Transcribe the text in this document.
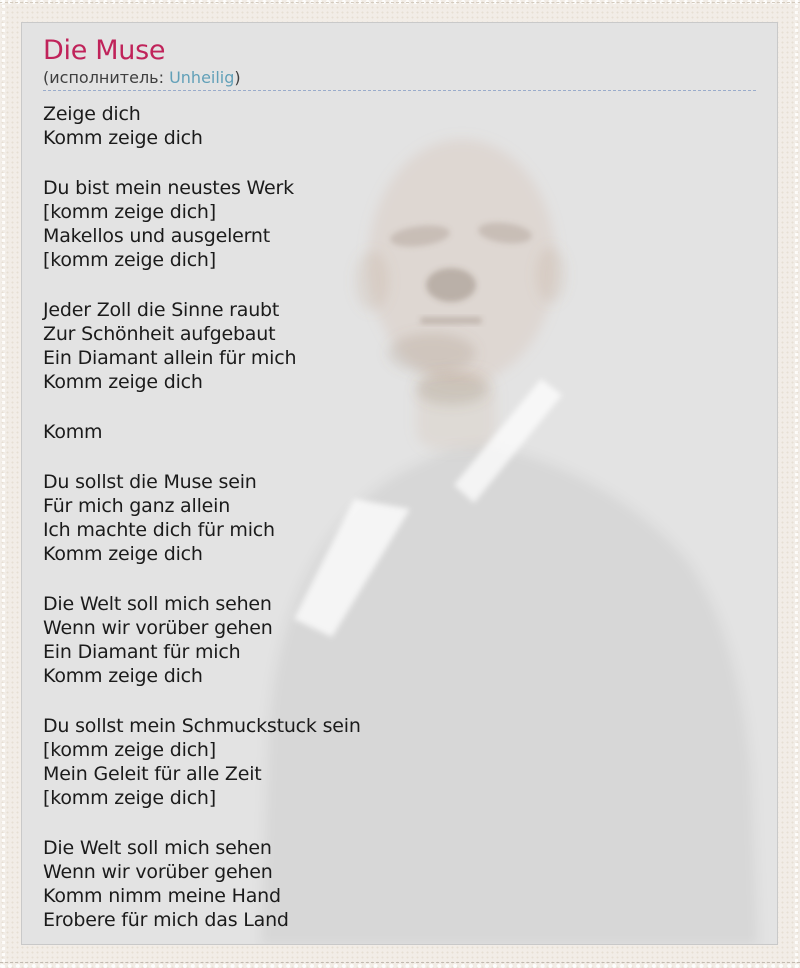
Die Muse

(исполнитель: Unheilig)

Zeige dich
Komm zeige dich
Du bist mein neustes Werk
[komm zeige dich]
Makellos und ausgelernt
[komm zeige dich]
Jeder Zoll die Sinne raubt
Zur Schönheit aufgebaut
Ein Diamant allein für mich
Komm zeige dich
Komm
Du sollst die Muse sein
Für mich ganz allein
Ich machte dich für mich
Komm zeige dich
Die Welt soll mich sehen
Wenn wir vorüber gehen
Ein Diamant für mich
Komm zeige dich
Du sollst mein Schmuckstuck sein
[komm zeige dich]
Mein Geleit für alle Zeit
[komm zeige dich]
Die Welt soll mich sehen
Wenn wir vorüber gehen
Komm nimm meine Hand
Erobere für mich das Land
